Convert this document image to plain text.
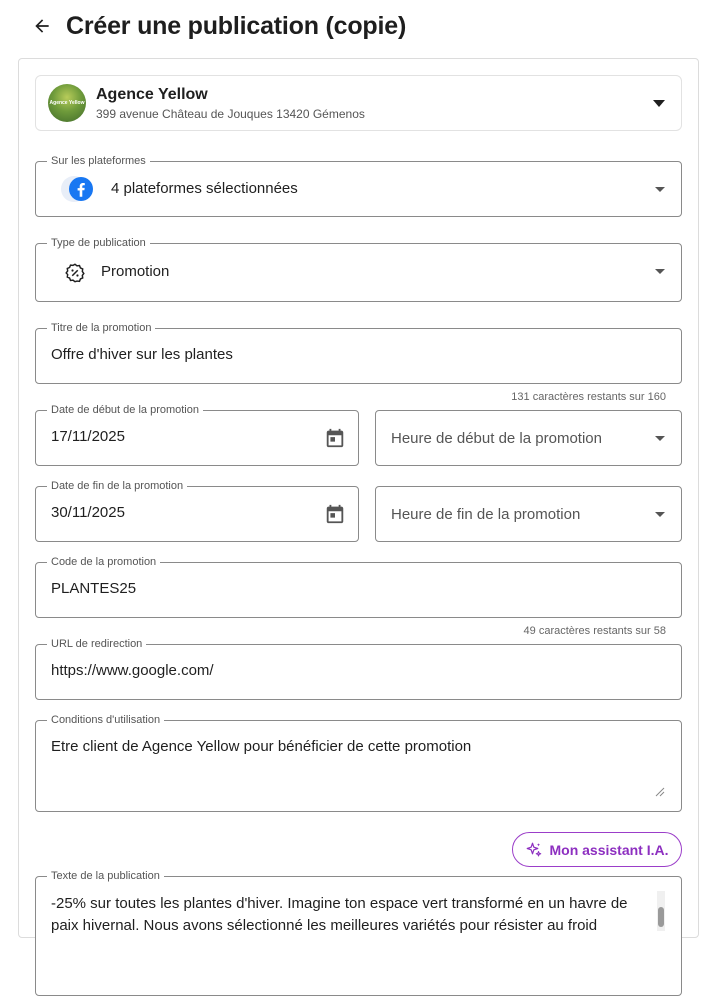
Créer une publication (copie)
Agence Yellow
Agence Yellow
399 avenue Château de Jouques 13420 Gémenos
Sur les plateformes
4 plateformes sélectionnées
Type de publication
Promotion
Titre de la promotion
Offre d'hiver sur les plantes
131 caractères restants sur 160
Date de début de la promotion
17/11/2025	Heure de début de la promotion
Date de fin de la promotion
30/11/2025	Heure de fin de la promotion
Code de la promotion
PLANTES25
49 caractères restants sur 58
URL de redirection
https://www.google.com/
Conditions d'utilisation
Etre client de Agence Yellow pour bénéficier de cette promotion
Mon assistant I.A.
Texte de la publication
-25% sur toutes les plantes d'hiver. Imagine ton espace vert transformé en un havre de paix hivernal. Nous avons sélectionné les meilleures variétés pour résister au froid
